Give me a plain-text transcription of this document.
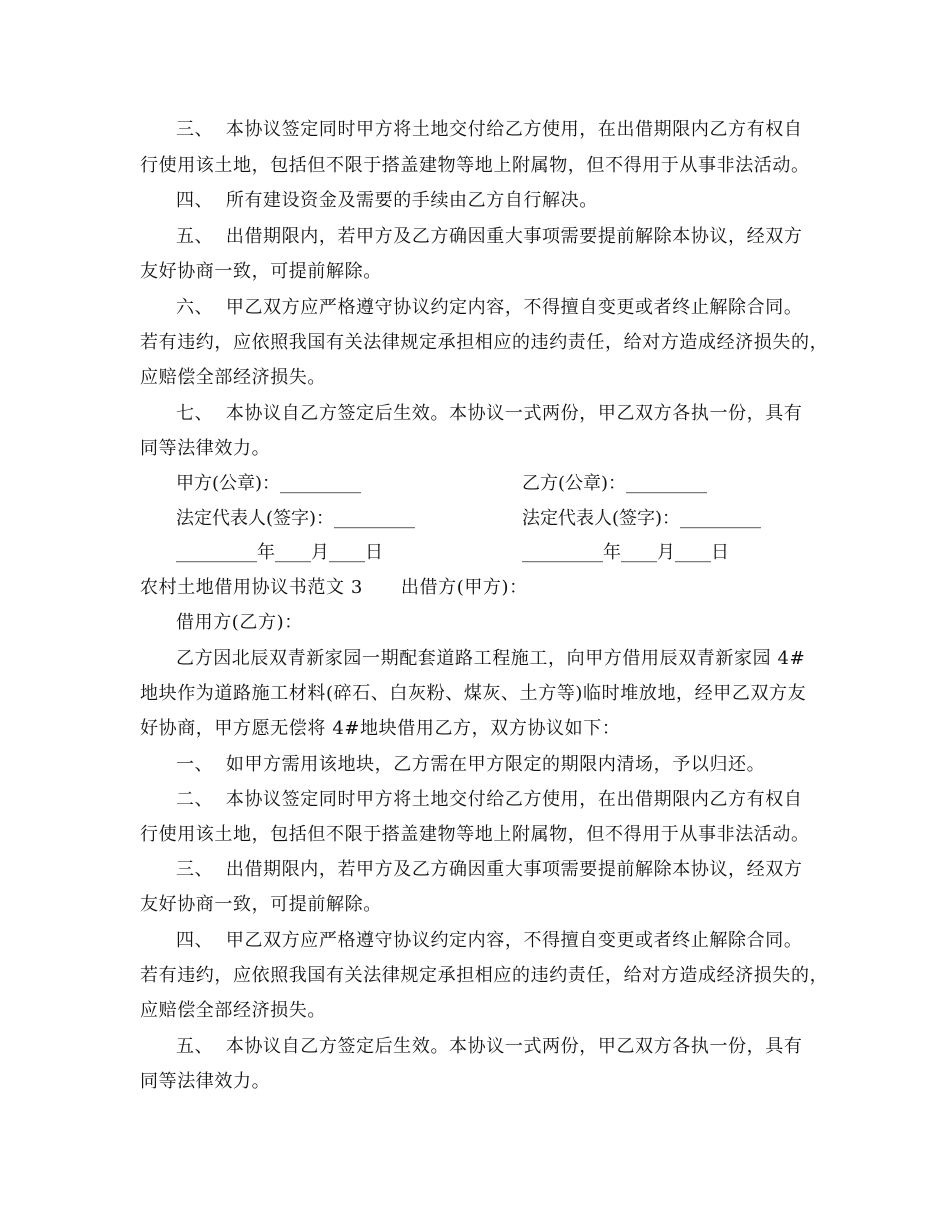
三、  本协议签定同时甲方将土地交付给乙方使用，在出借期限内乙方有权自
行使用该土地，包括但不限于搭盖建物等地上附属物，但不得用于从事非法活动。
四、  所有建设资金及需要的手续由乙方自行解决。
五、  出借期限内，若甲方及乙方确因重大事项需要提前解除本协议，经双方
友好协商一致，可提前解除。
六、  甲乙双方应严格遵守协议约定内容，不得擅自变更或者终止解除合同。
若有违约，应依照我国有关法律规定承担相应的违约责任，给对方造成经济损失的，
应赔偿全部经济损失。
七、  本协议自乙方签定后生效。本协议一式两份，甲乙双方各执一份，具有
同等法律效力。
甲方(公章)：_________	乙方(公章)：_________
法定代表人(签字)：_________	法定代表人(签字)：_________
_________年____月____日	_________年____月____日
农村土地借用协议书范文 3      出借方(甲方)：
借用方(乙方)：
乙方因北辰双青新家园一期配套道路工程施工，向甲方借用辰双青新家园 4#
地块作为道路施工材料(碎石、白灰粉、煤灰、土方等)临时堆放地，经甲乙双方友
好协商，甲方愿无偿将 4#地块借用乙方，双方协议如下：
一、  如甲方需用该地块，乙方需在甲方限定的期限内清场，予以归还。
二、  本协议签定同时甲方将土地交付给乙方使用，在出借期限内乙方有权自
行使用该土地，包括但不限于搭盖建物等地上附属物，但不得用于从事非法活动。
三、  出借期限内，若甲方及乙方确因重大事项需要提前解除本协议，经双方
友好协商一致，可提前解除。
四、  甲乙双方应严格遵守协议约定内容，不得擅自变更或者终止解除合同。
若有违约，应依照我国有关法律规定承担相应的违约责任，给对方造成经济损失的，
应赔偿全部经济损失。
五、  本协议自乙方签定后生效。本协议一式两份，甲乙双方各执一份，具有
同等法律效力。
